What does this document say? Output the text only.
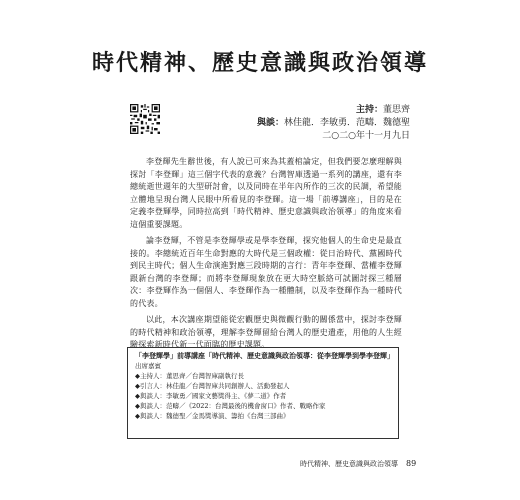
時代精神、歷史意識與政治領導
主持：董思齊
與談：林佳龍．李敏勇．范疇．魏德聖
二○二○年十一月九日

李登輝先生辭世後，有人說已可來為其蓋棺論定，但我們要怎麼理解與探討「李登輝」這三個字代表的意義？台灣智庫透過一系列的講座，還有李總統逝世週年的大型研討會，以及同時在半年內所作的三次的民調，希望能立體地呈現台灣人民眼中所看見的李登輝。這一場「前導講座」，目的是在定義李登輝學，同時拉高到「時代精神、歷史意識與政治領導」的角度來看這個重要課題。

論李登輝，不管是李登輝學或是學李登輝，探究他個人的生命史是最直接的。李總統近百年生命對應的大時代是三個政權：從日治時代、黨國時代到民主時代；個人生命演進對應三段時期的言行：青年李登輝、當權李登輝跟新台灣的李登輝；而將李登輝現象放在更大時空脈絡可試圖討探三種層次：李登輝作為一個個人、李登輝作為一種體制，以及李登輝作為一種時代的代表。

以此，本次講座期望能從宏觀歷史與微觀行動的關係當中，探討李登輝的時代精神和政治領導，理解李登輝留給台灣人的歷史遺產，用他的人生經驗探索新時代新一代面臨的歷史課題。

「李登輝學」前導講座「時代精神、歷史意識與政治領導：從李登輝學到學李登輝」
出席嘉賓
◆主持人：董思齊／台灣智庫副執行長
◆引言人：林佳龍／台灣智庫共同創辦人、活動發起人
◆與談人：李敏勇／國家文藝獎得主、《夢二道》作者
◆與談人：范疇／《2022：台灣最後的機會窗口》作者、戰略作家
◆與談人：魏德聖／金馬獎導演、籌拍《台灣三部曲》
時代精神、歷史意識與政治領導 89
